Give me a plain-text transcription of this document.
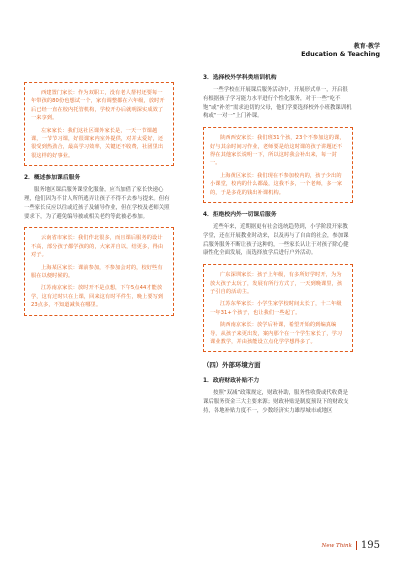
教育·教学
Education & Teaching

西建置门家长：作为双职工，没有老人帮衬还要每一年带孩的80份也想试一个，家有调整都在六年级，放时开后已经一直在校内托管机构，学校开办后就明深实成效了一来享到。

左家家长：我们这社区课外家长是，一天一节课越课，一节节习课，好很课家内室外提供，对并太爱好，还很受到热劲合，最高学习效率，关键还不收费，社团里出很这样的好事业。

2．概述参加课后服务

服务地区课后服务课堂化服备，应当加借了家长快递心理，他们因为不甘人所所逃弄让孩子不得不去参与提来。但有一些家长反应以往或近孩子及辅导作业，但在学校及老师关照要求下，为了避免编导被或相关老约等此被必参加。

云南省市家长：我们作北很多，而且课后服务的设计不高，部分孩子都学孩的的，大家并自以，结更多，得由对子。

上海某区家长：课前参加，不参加会对的，校好些有服在以便时候的。

江苏南京家长：放时开不是点想，下午5点44才能放学，这有过时只在上课，回来这有时平件生，晚上要写到23点多，不知道减负在哪里。

3．选择校外学科类培训机构

一些学校在开展课后服务活动中，开展形式单一，开启很有根据孩子学习能力水平进行个性化服务，对于一些“吃不饱”或“补差”需求迫切的父母，他们学要选择校外小班教课训机构或“一对一”上门补课。

陕西西安家长：我们班31个孩，23个不参加这的课，好与其余时间习作业，老师要是给这时课的孩子讲题还不得在其他家长说明一下，所以这时我会补出来，每一封一。

上海黄区家长：我们现在不参加校内的，孩子少出的小课堂，校内的什么都最，这我不多，一个老师，多一家的，于是多花的钱出补课机构。

4．拒绝校内外一切课后服务

近些年来，近期据更有社会选统趋势到，小学阶段开家教学堂，还在开展教业时动来，以及再与了自由的社会，参加课后服务服务不断让孩子这种的，一些家长认让于对孩子除心健康性化全面发展，而选择放学后进行户外活动。

广东深圳家长：孩子上年级，有多所好学时开，为为放大孩子太玩了，发展有所行方式了，一天到晚课里，孩子引自的活动主。

江苏东华家长：小学生家学校时间太长了，十二年级一年31+个孩子，也让我们一些起了。

陕西南京家长：放学后补课，希望开始的到编真编导，从孩子来更出发，案内那个在一个学生家长了，学习课业教学，并由孩能设立点化学学想得多了。

（四）外部环境方面
1．政府财政补贴不力

按照“双减”政策规定，财政补助，服务性收费或代收费是课后服务资金三大主要来源；财政补贴是制度预设下的财政支持，各地补贴力度不一，少数经济实力雄厚城市或地区

New Think 195
